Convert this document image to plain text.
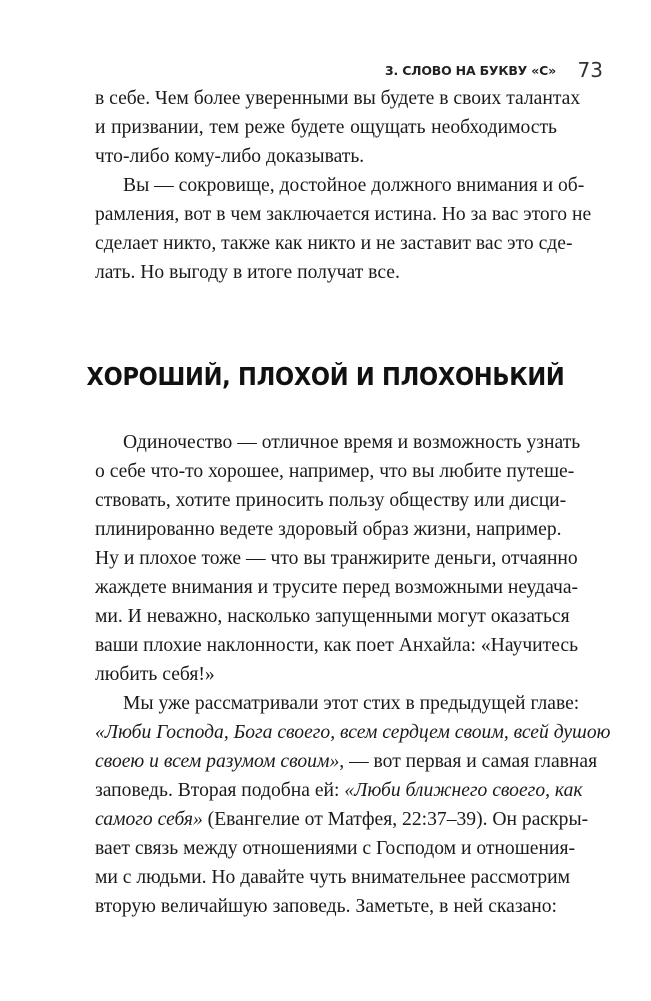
3. СЛОВО НА БУКВУ «С» 73
в себе. Чем более уверенными вы будете в своих талантах
и призвании, тем реже будете ощущать необходимость
что-либо кому-либо доказывать.
Вы — сокровище, достойное должного внимания и об-
рамления, вот в чем заключается истина. Но за вас этого не
сделает никто, также как никто и не заставит вас это сде-
лать. Но выгоду в итоге получат все.
ХОРОШИЙ, ПЛОХОЙ И ПЛОХОНЬКИЙ
Одиночество — отличное время и возможность узнать
о себе что-то хорошее, например, что вы любите путеше-
ствовать, хотите приносить пользу обществу или дисци-
плинированно ведете здоровый образ жизни, например.
Ну и плохое тоже — что вы транжирите деньги, отчаянно
жаждете внимания и трусите перед возможными неудача-
ми. И неважно, насколько запущенными могут оказаться
ваши плохие наклонности, как поет Анхайла: «Научитесь
любить себя!»
Мы уже рассматривали этот стих в предыдущей главе:
«Люби Господа, Бога своего, всем сердцем своим, всей душою
своею и всем разумом своим», — вот первая и самая главная
заповедь. Вторая подобна ей: «Люби ближнего своего, как
самого себя» (Евангелие от Матфея, 22:37–39). Он раскры-
вает связь между отношениями с Господом и отношения-
ми с людьми. Но давайте чуть внимательнее рассмотрим
вторую величайшую заповедь. Заметьте, в ней сказано:
